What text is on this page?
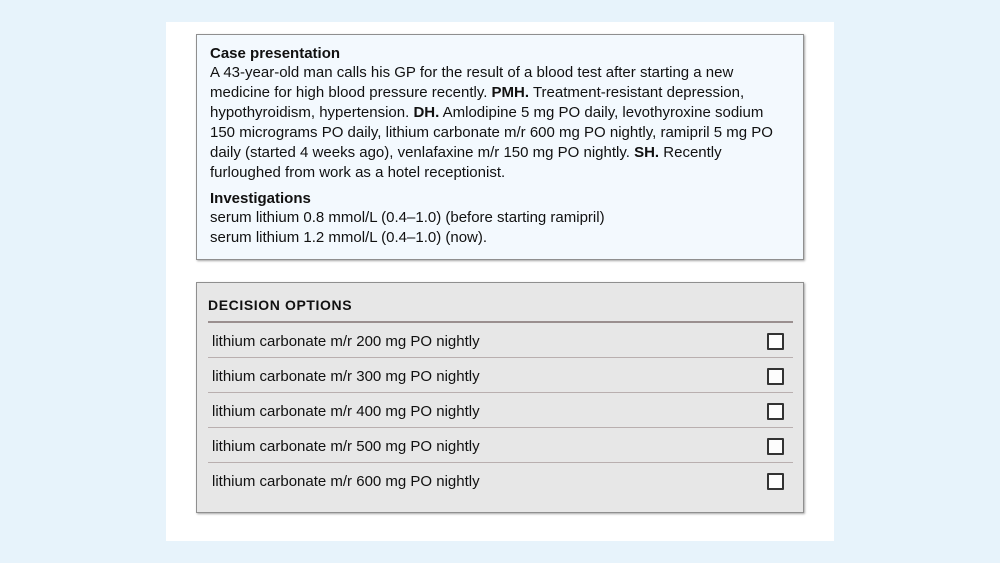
Case presentation

A 43-year-old man calls his GP for the result of a blood test after starting a new medicine for high blood pressure recently. PMH. Treatment-resistant depression, hypothyroidism, hypertension. DH. Amlodipine 5 mg PO daily, levothyroxine sodium 150 micrograms PO daily, lithium carbonate m/r 600 mg PO nightly, ramipril 5 mg PO daily (started 4 weeks ago), venlafaxine m/r 150 mg PO nightly. SH. Recently furloughed from work as a hotel receptionist.

Investigations
serum lithium 0.8 mmol/L (0.4–1.0) (before starting ramipril)
serum lithium 1.2 mmol/L (0.4–1.0) (now).
DECISION OPTIONS
lithium carbonate m/r 200 mg PO nightly
lithium carbonate m/r 300 mg PO nightly
lithium carbonate m/r 400 mg PO nightly
lithium carbonate m/r 500 mg PO nightly
lithium carbonate m/r 600 mg PO nightly
